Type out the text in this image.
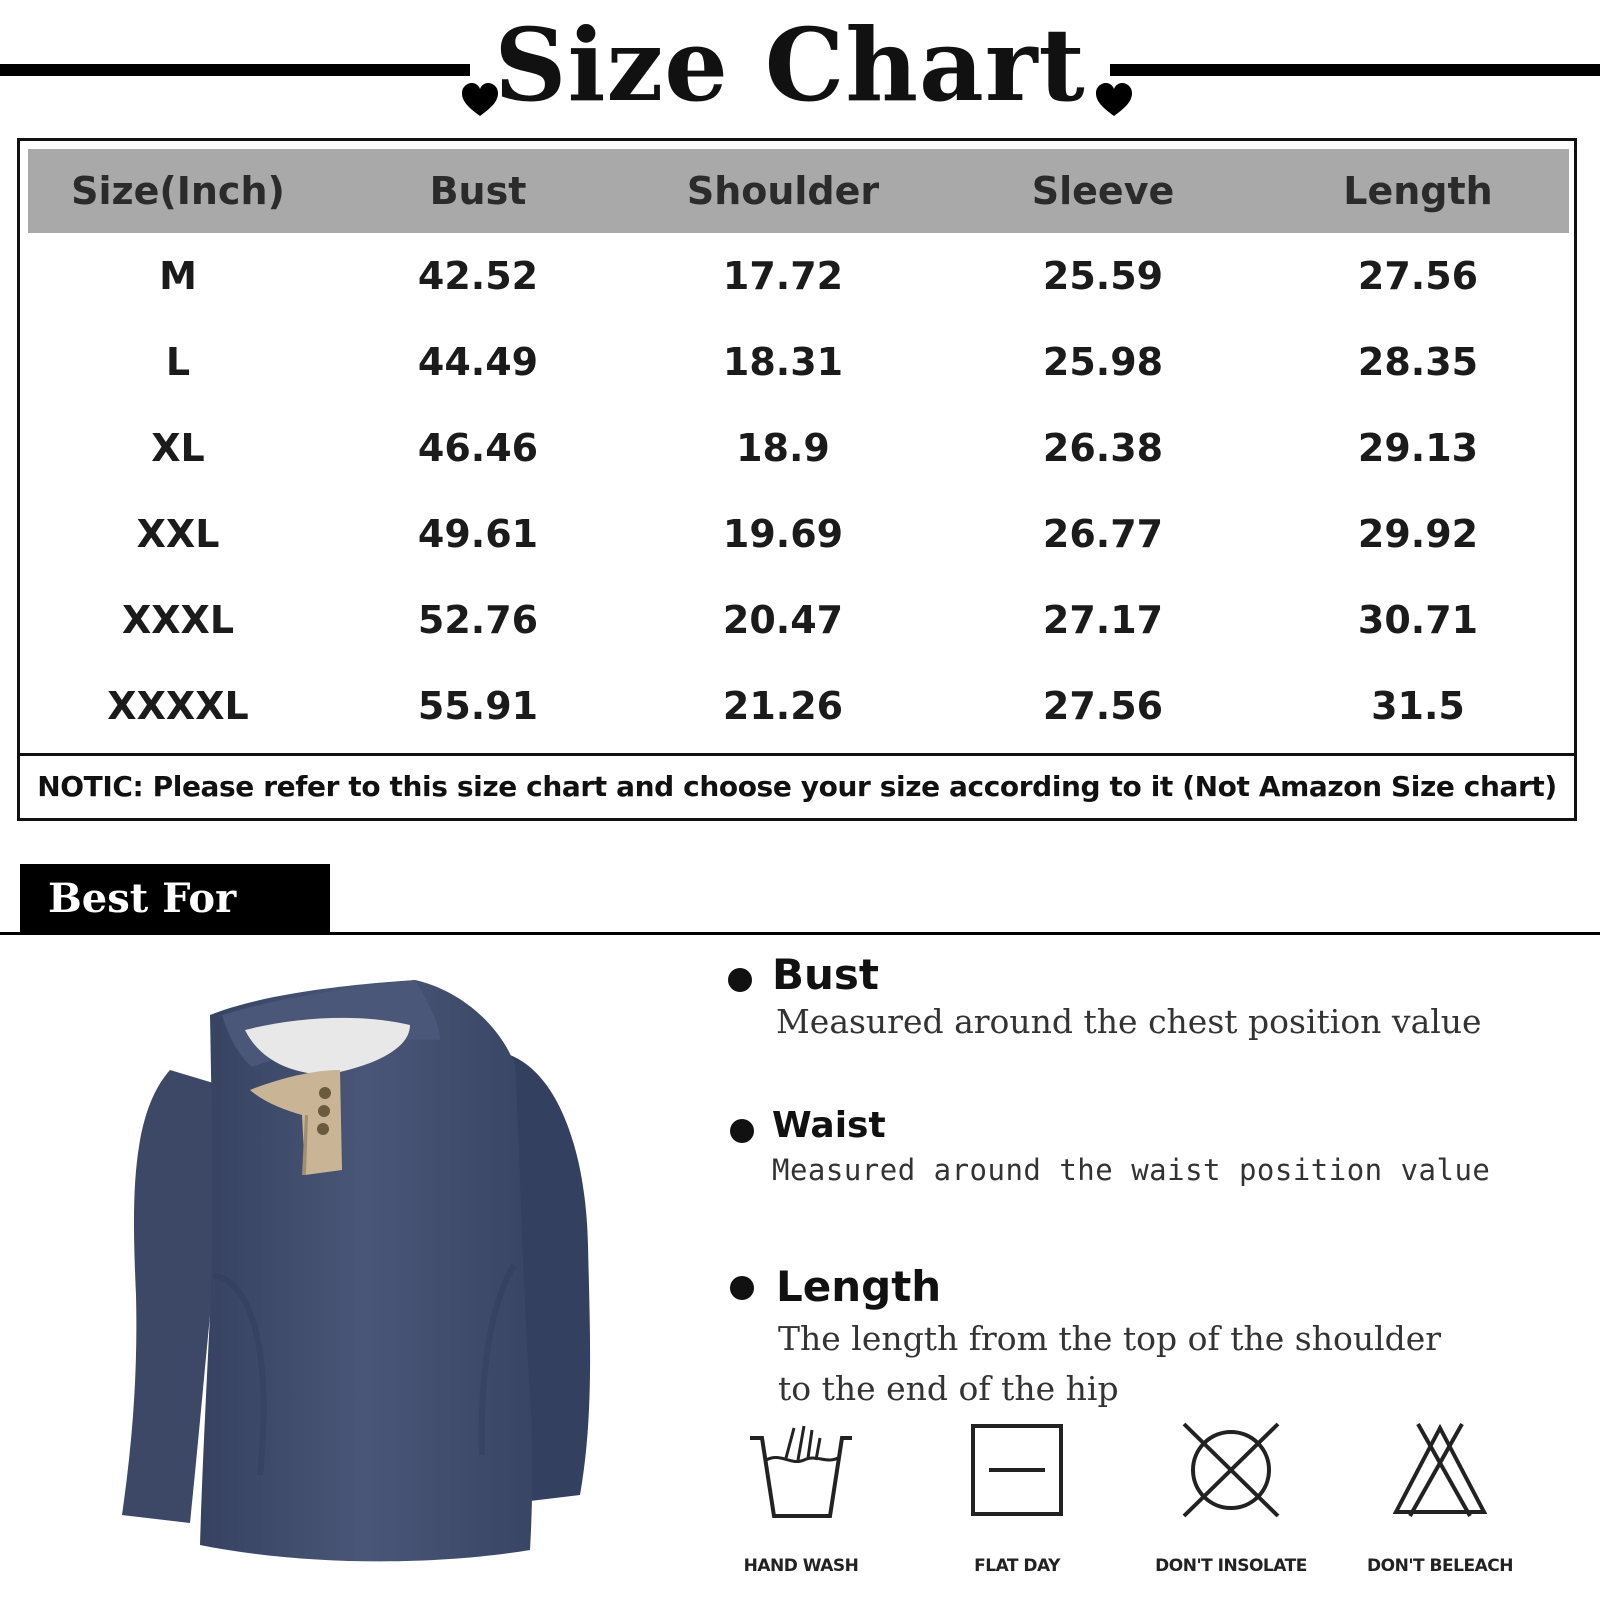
Size Chart
Size(Inch)	Bust	Shoulder	Sleeve	Length
M	42.52	17.72	25.59	27.56
L	44.49	18.31	25.98	28.35
XL	46.46	18.9	26.38	29.13
XXL	49.61	19.69	26.77	29.92
XXXL	52.76	20.47	27.17	30.71
XXXXL	55.91	21.26	27.56	31.5
NOTIC: Please refer to this size chart and choose your size according to it (Not Amazon Size chart)
Best For You	Bust

Measured around the chest position value

Waist

Measured around the waist position value

Length

The length from the top of the shoulder to the end of the hip

HAND WASH	FLAT DAY	DON'T INSOLATE	DON'T BELEACH
